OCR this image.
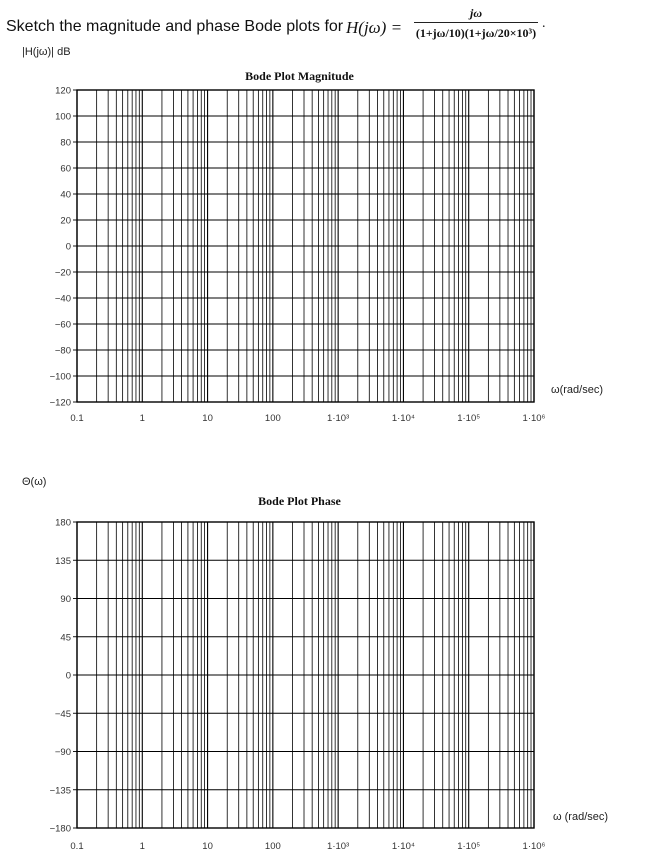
Sketch the magnitude and phase Bode plots for H(jω) =
jω
(1+jω/10)(1+jω/20×10³)
.
120
100
80
60
40
20
0
−20
−40
−60
−80
−100
−120
0.1	1	10	100	1·10³	1·10⁴	1·10⁵	1·10⁶
Bode Plot Magnitude
|H(jω)| dB
ω(rad/sec)
180
135
90
45
0
−45
−90
−135
−180
0.1	1	10	100	1·10³	1·10⁴	1·10⁵	1·10⁶
Bode Plot Phase
Θ(ω)
ω (rad/sec)
